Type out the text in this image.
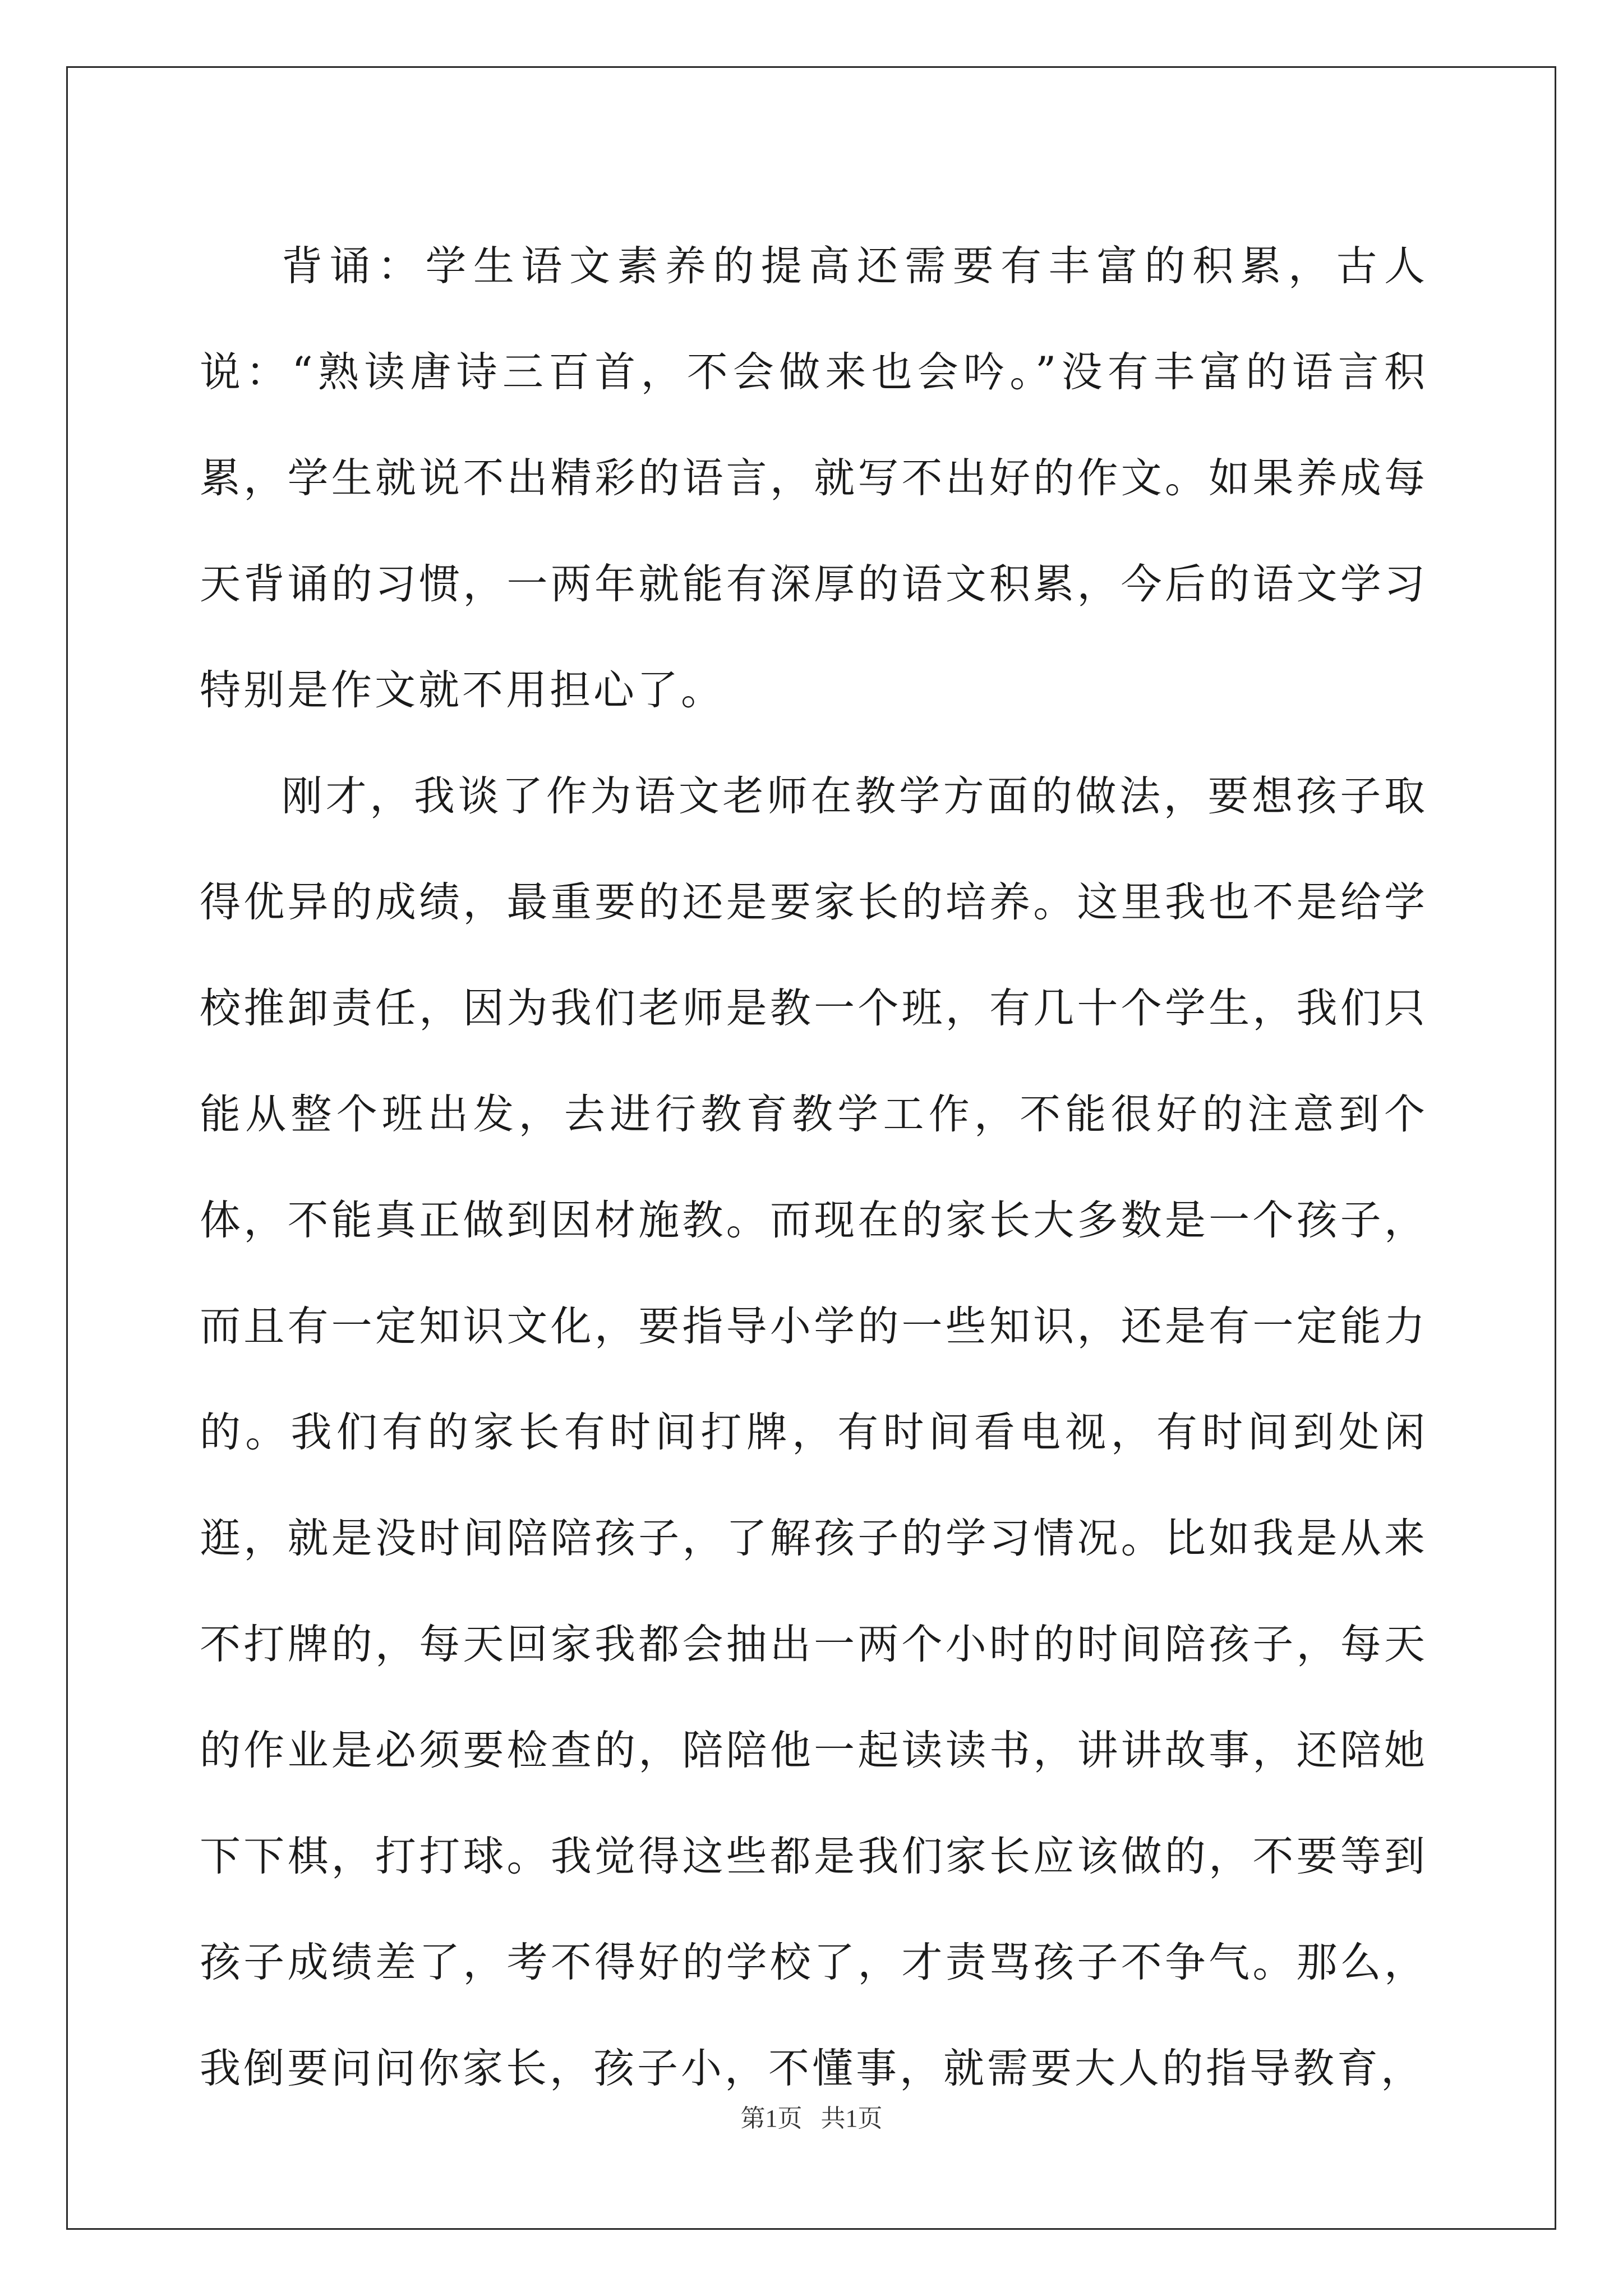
背诵：学生语文素养的提高还需要有丰富的积累，古人说：“熟读唐诗三百首，不会做来也会吟。”没有丰富的语言积累，学生就说不出精彩的语言，就写不出好的作文。如果养成每天背诵的习惯，一两年就能有深厚的语文积累，今后的语文学习特别是作文就不用担心了。

刚才，我谈了作为语文老师在教学方面的做法，要想孩子取得优异的成绩，最重要的还是要家长的培养。这里我也不是给学校推卸责任，因为我们老师是教一个班，有几十个学生，我们只能从整个班出发，去进行教育教学工作，不能很好的注意到个体，不能真正做到因材施教。而现在的家长大多数是一个孩子，而且有一定知识文化，要指导小学的一些知识，还是有一定能力的。我们有的家长有时间打牌，有时间看电视，有时间到处闲逛，就是没时间陪陪孩子，了解孩子的学习情况。比如我是从来不打牌的，每天回家我都会抽出一两个小时的时间陪孩子，每天的作业是必须要检查的，陪陪他一起读读书，讲讲故事，还陪她下下棋，打打球。我觉得这些都是我们家长应该做的，不要等到孩子成绩差了，考不得好的学校了，才责骂孩子不争气。那么，我倒要问问你家长，孩子小，不懂事，就需要大人的指导教育，

第1页   共1页
